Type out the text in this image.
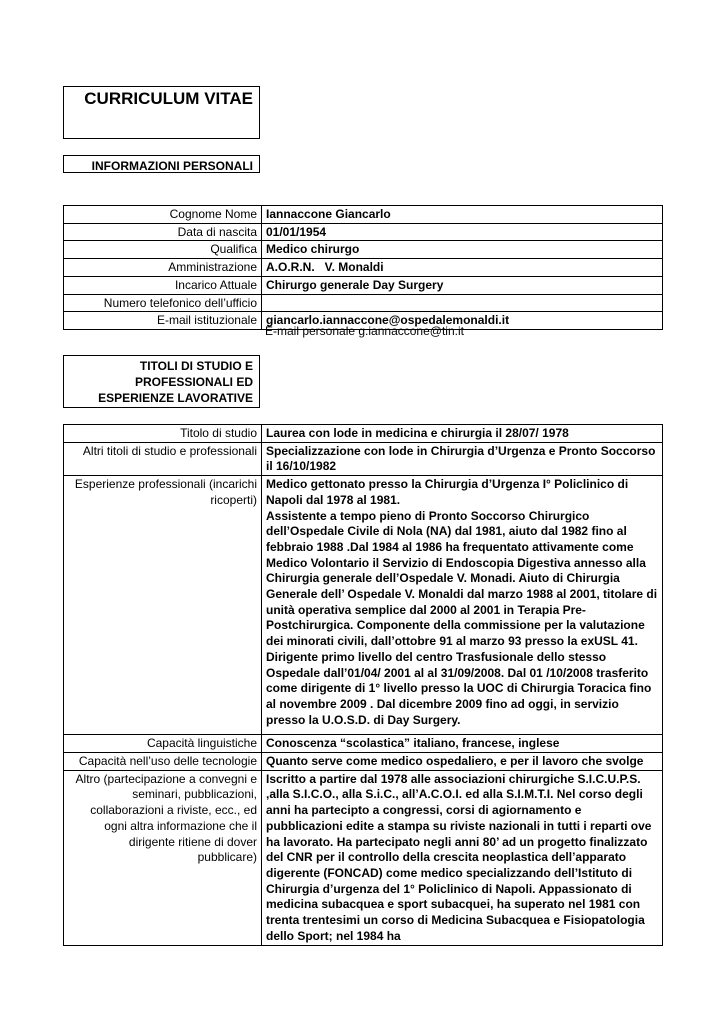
CURRICULUM VITAE
INFORMAZIONI PERSONALI
Cognome Nome	Iannaccone Giancarlo
Data di nascita	01/01/1954
Qualifica	Medico chirurgo
Amministrazione	A.O.R.N.   V. Monaldi
Incarico Attuale	Chirurgo generale Day Surgery
Numero telefonico dell’ufficio	
E-mail istituzionale	giancarlo.iannaccone@ospedalemonaldi.it
E-mail personale g.iannaccone@tin.it
TITOLI DI STUDIO E PROFESSIONALI ED ESPERIENZE LAVORATIVE
Titolo di studio	Laurea con lode in medicina e chirurgia il 28/07/ 1978
Altri titoli di studio e professionali	Specializzazione con lode in Chirurgia d’Urgenza e Pronto Soccorso il 16/10/1982
Esperienze professionali (incarichi ricoperti)	Medico gettonato presso la Chirurgia d’Urgenza I° Policlinico di Napoli dal 1978 al 1981.
Assistente a tempo pieno di Pronto Soccorso Chirurgico dell’Ospedale Civile di Nola (NA) dal 1981, aiuto dal 1982 fino al febbraio 1988 .Dal 1984 al 1986 ha frequentato attivamente come Medico Volontario il Servizio di Endoscopia Digestiva annesso alla Chirurgia generale dell’Ospedale V. Monadi. Aiuto di Chirurgia Generale dell’ Ospedale V. Monaldi dal marzo 1988 al 2001, titolare di unità operativa semplice dal 2000 al 2001 in Terapia Pre-Postchirurgica. Componente della commissione per la valutazione dei minorati civili, dall’ottobre 91 al marzo 93 presso la exUSL 41. Dirigente primo livello del centro Trasfusionale dello stesso Ospedale dall’01/04/ 2001 al al 31/09/2008. Dal 01 /10/2008 trasferito come dirigente di 1° livello presso la UOC di Chirurgia Toracica fino al novembre 2009 . Dal dicembre 2009 fino ad oggi, in servizio presso la U.O.S.D. di Day Surgery.
Capacità linguistiche	Conoscenza “scolastica” italiano, francese, inglese
Capacità nell’uso delle tecnologie	Quanto serve come medico ospedaliero, e per il lavoro che svolge
Altro (partecipazione a convegni e seminari, pubblicazioni, collaborazioni a riviste, ecc., ed ogni altra informazione che il dirigente ritiene di dover pubblicare)	Iscritto a partire dal 1978 alle associazioni chirurgiche S.I.C.U.P.S. ,alla S.I.C.O., alla S.i.C., all’A.C.O.I. ed alla S.I.M.T.I. Nel corso degli anni ha partecipto a congressi, corsi di agiornamento e pubblicazioni edite a stampa su riviste nazionali in tutti i reparti ove ha lavorato. Ha partecipato negli anni 80’ ad un progetto finalizzato del CNR per il controllo della crescita neoplastica dell’apparato digerente (FONCAD) come medico specializzando dell’Istituto di Chirurgia d’urgenza del 1° Policlinico di Napoli. Appassionato di medicina subacquea e sport subacquei, ha superato nel 1981 con trenta trentesimi un corso di Medicina Subacquea e Fisiopatologia dello Sport; nel 1984 ha
